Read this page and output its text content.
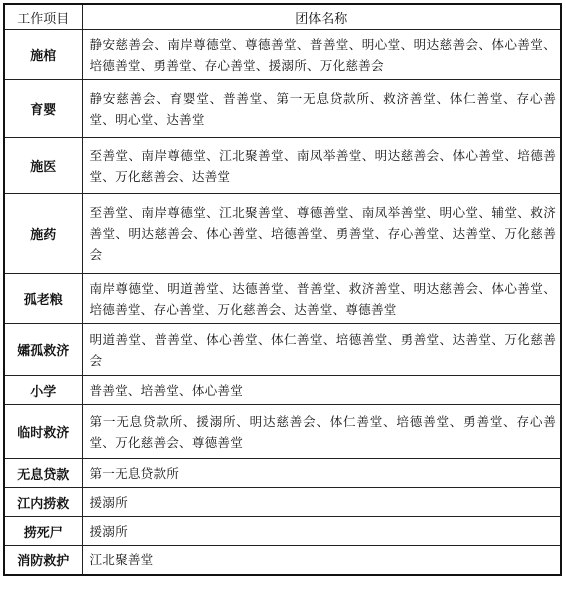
工作项目	团体名称
施棺	静安慈善会、南岸尊德堂、尊德善堂、普善堂、明心堂、明达慈善会、体心善堂、培德善堂、勇善堂、存心善堂、援溺所、万化慈善会
育婴	静安慈善会、育婴堂、普善堂、第一无息贷款所、救济善堂、体仁善堂、存心善堂、明心堂、达善堂
施医	至善堂、南岸尊德堂、江北聚善堂、南凤举善堂、明达慈善会、体心善堂、培德善堂、万化慈善会、达善堂
施药	至善堂、南岸尊德堂、江北聚善堂、尊德善堂、南凤举善堂、明心堂、辅堂、救济善堂、明达慈善会、体心善堂、培德善堂、勇善堂、存心善堂、达善堂、万化慈善会
孤老粮	南岸尊德堂、明道善堂、达德善堂、普善堂、救济善堂、明达慈善会、体心善堂、培德善堂、存心善堂、万化慈善会、达善堂、尊德善堂
孀孤救济	明道善堂、普善堂、体心善堂、体仁善堂、培德善堂、勇善堂、达善堂、万化慈善会
小学	普善堂、培善堂、体心善堂
临时救济	第一无息贷款所、援溺所、明达慈善会、体仁善堂、培德善堂、勇善堂、存心善堂、万化慈善会、尊德善堂
无息贷款	第一无息贷款所
江内捞救	援溺所
捞死尸	援溺所
消防救护	江北聚善堂
